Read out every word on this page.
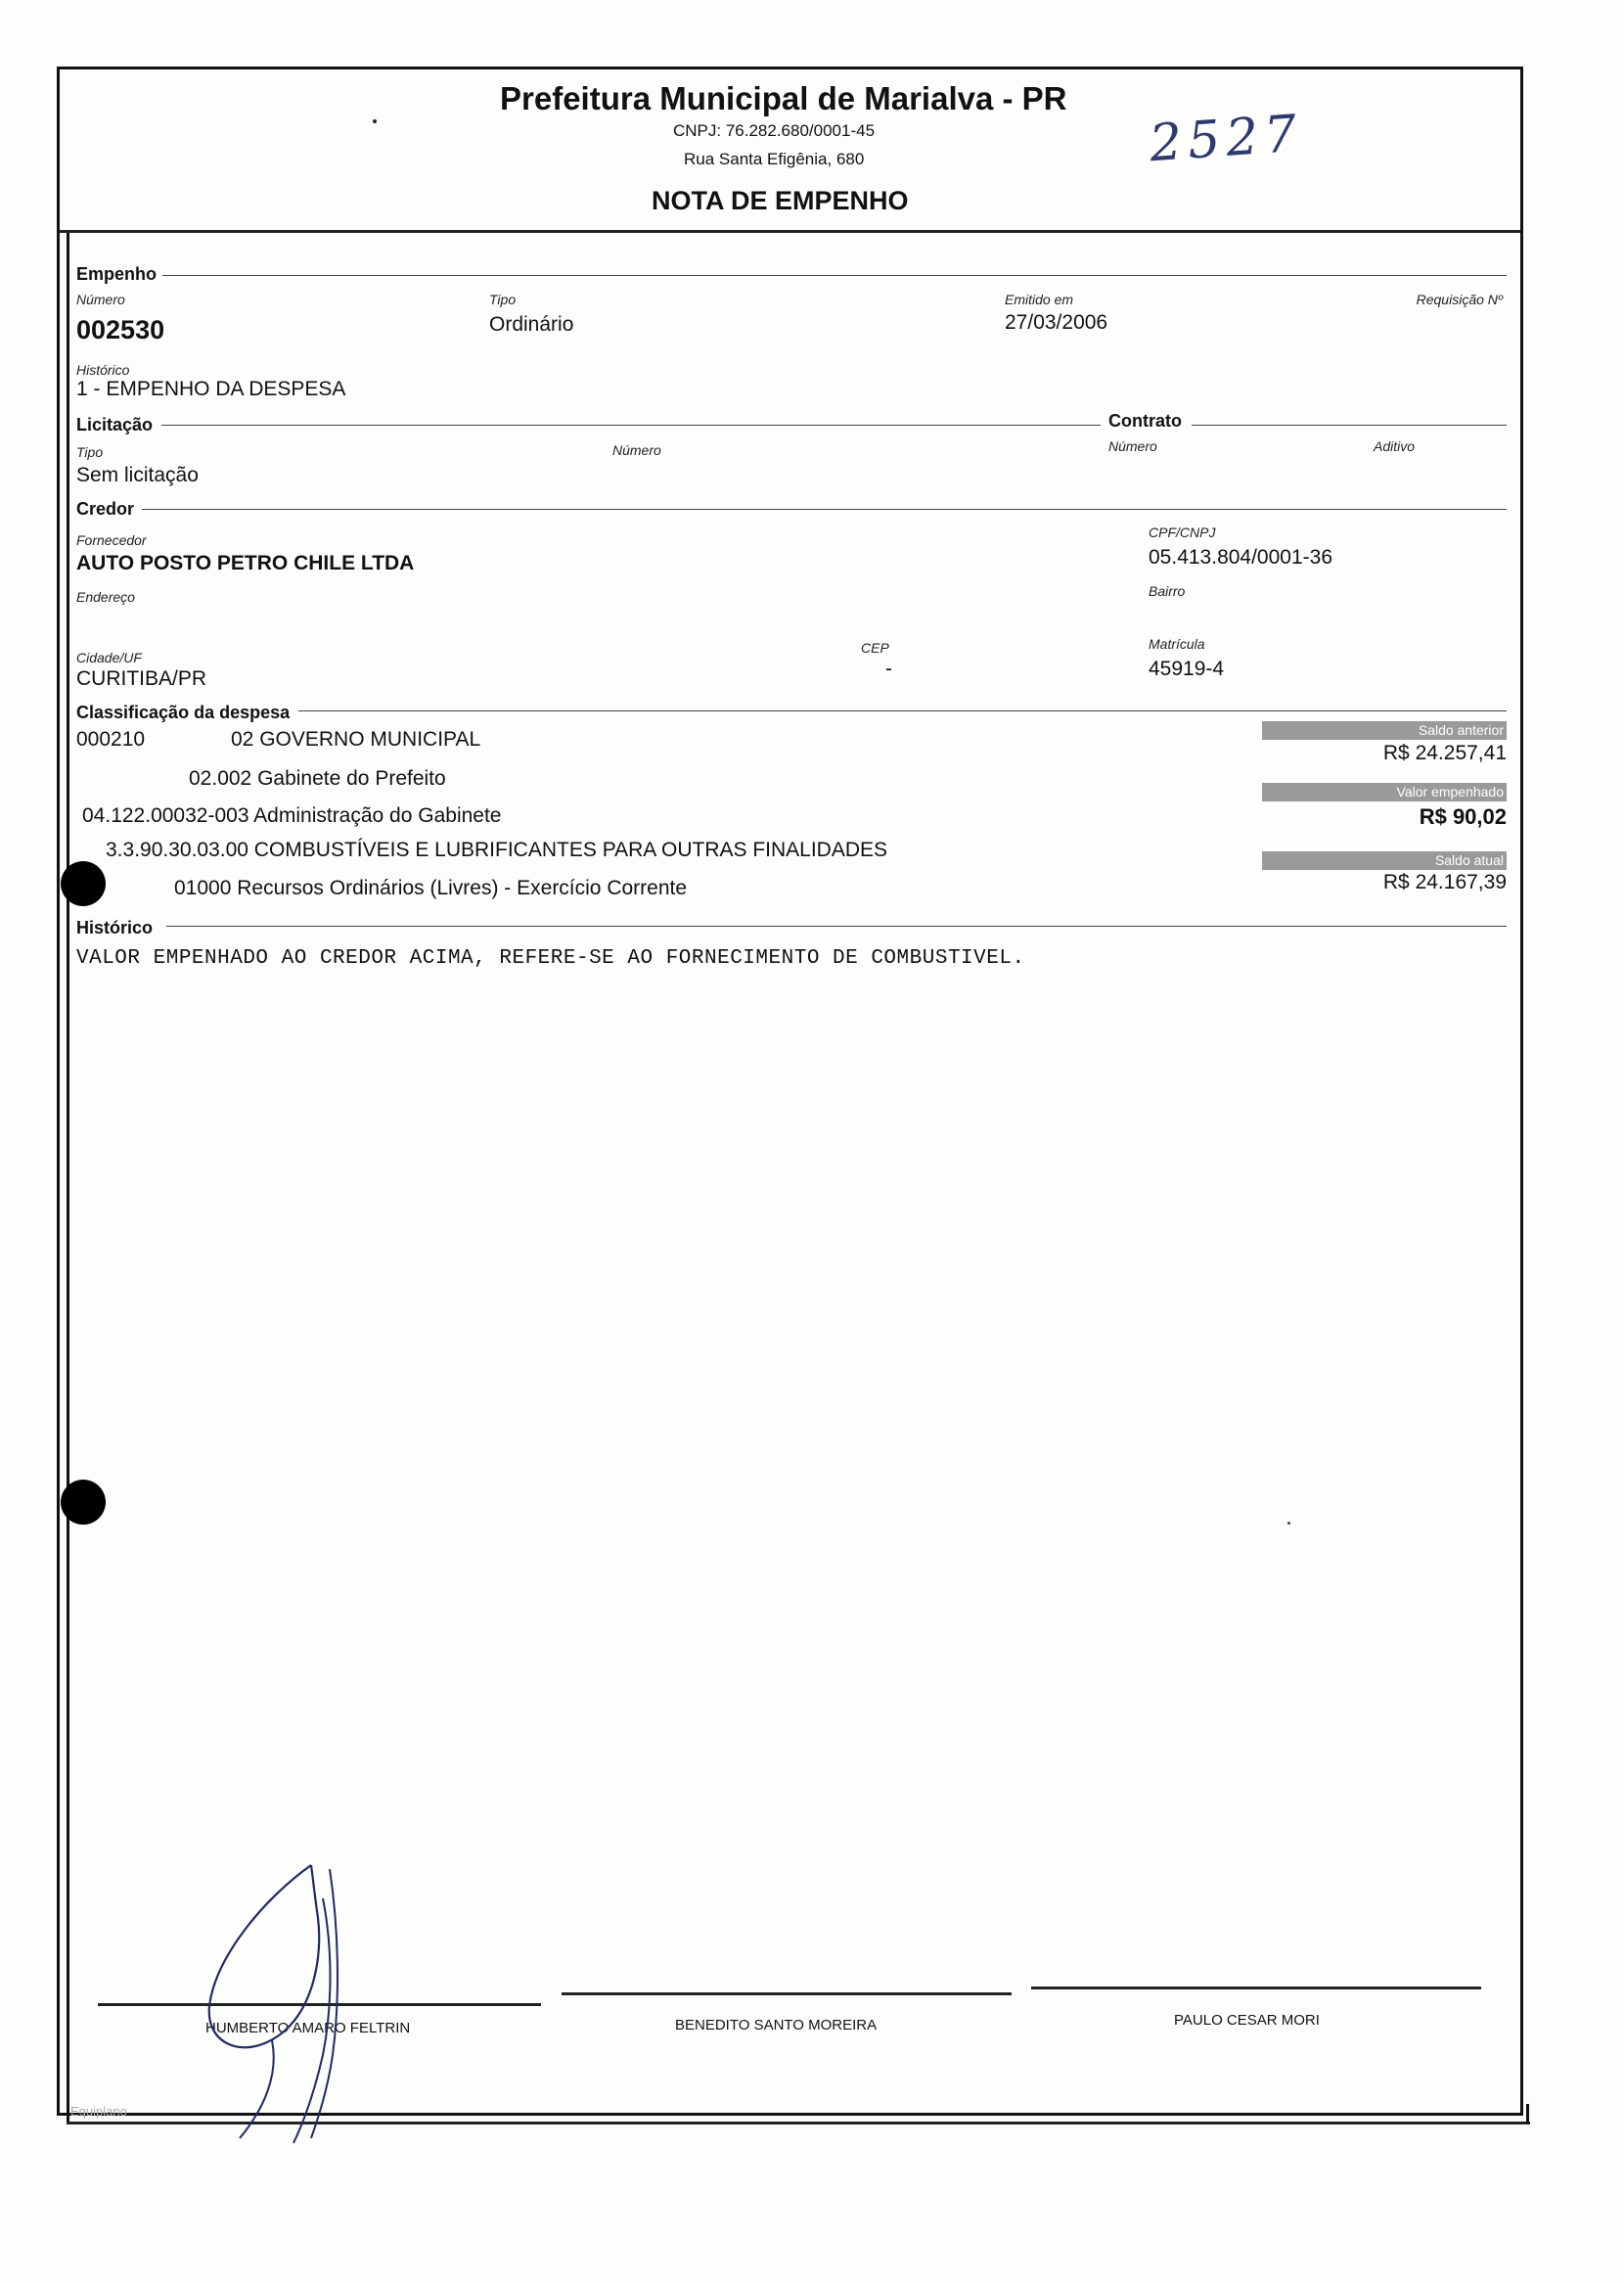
Prefeitura Municipal de Marialva - PR
CNPJ: 76.282.680/0001-45
Rua Santa Efigênia, 680
NOTA DE EMPENHO
2527
Empenho
Número
002530
Tipo
Ordinário
Emitido em
27/03/2006
Requisição Nº
Histórico
1 - EMPENHO DA DESPESA
Licitação	Contrato
Tipo
Sem licitação
Número	Número	Aditivo
Credor
Fornecedor
AUTO POSTO PETRO CHILE LTDA
CPF/CNPJ
05.413.804/0001-36
Endereço	Bairro
Cidade/UF
CURITIBA/PR
CEP
-
Matrícula
45919-4
Classificação da despesa
000210	02 GOVERNO MUNICIPAL
02.002 Gabinete do Prefeito
04.122.00032-003 Administração do Gabinete
3.3.90.30.03.00 COMBUSTÍVEIS E LUBRIFICANTES PARA OUTRAS FINALIDADES
01000 Recursos Ordinários (Livres) - Exercício Corrente
Saldo anterior
R$ 24.257,41
Valor empenhado
R$ 90,02
Saldo atual
R$ 24.167,39
Histórico
VALOR EMPENHADO AO CREDOR ACIMA, REFERE-SE AO FORNECIMENTO DE COMBUSTIVEL.
HUMBERTO AMARO FELTRIN	BENEDITO SANTO MOREIRA	PAULO CESAR MORI
Equiplano
